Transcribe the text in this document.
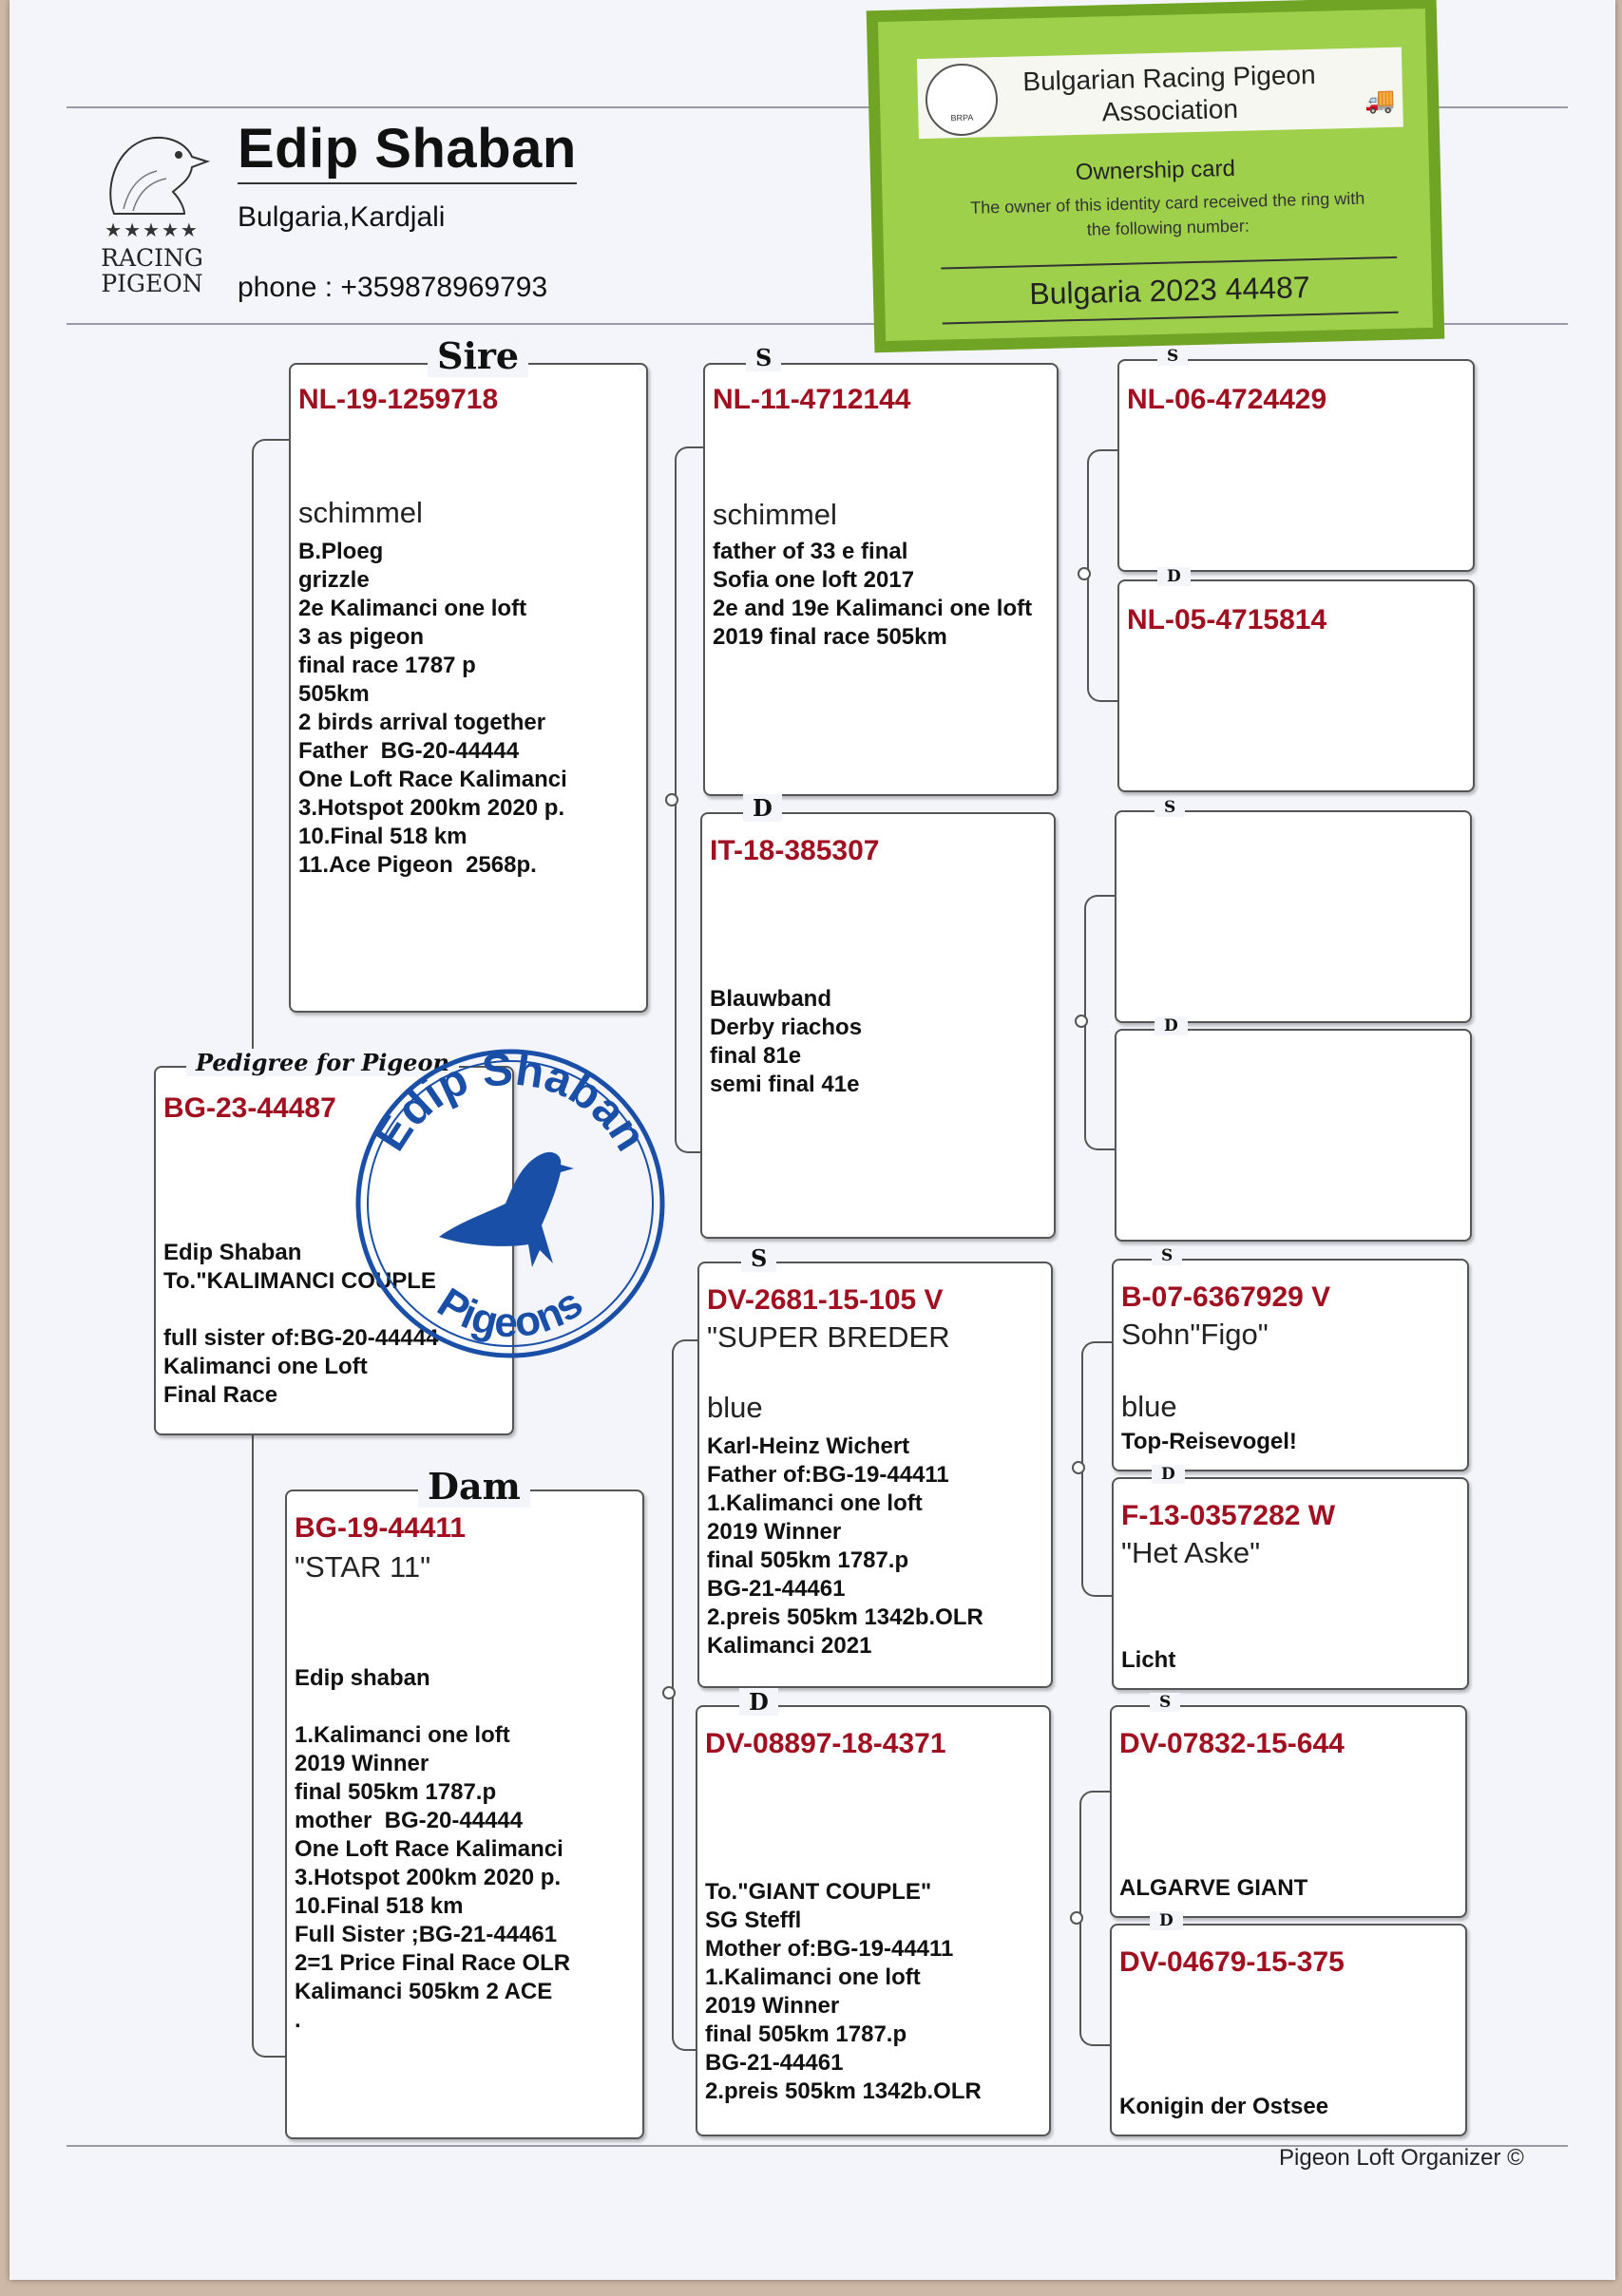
★★★★★
RACING
PIGEON
Edip Shaban
Bulgaria,Kardjali
phone : +359878969793
BG-23-44487
Edip Shaban
To."KALIMANCI COUPLE

full sister of:BG-20-44444
Kalimanci one Loft
Final Race
Pedigree for Pigeon
NL-19-1259718
schimmel
B.Ploeg
grizzle
2e Kalimanci one loft
3 as pigeon
final race 1787 p
505km
2 birds arrival together
Father  BG-20-44444
One Loft Race Kalimanci
3.Hotspot 200km 2020 p.
10.Final 518 km
11.Ace Pigeon  2568p.
Sire
BG-19-44411
"STAR 11"
Edip shaban

1.Kalimanci one loft
2019 Winner
final 505km 1787.p
mother  BG-20-44444
One Loft Race Kalimanci
3.Hotspot 200km 2020 p.
10.Final 518 km
Full Sister ;BG-21-44461
2=1 Price Final Race OLR
Kalimanci 505km 2 ACE
.
Dam
NL-11-4712144
schimmel
father of 33 e final
Sofia one loft 2017
2e and 19e Kalimanci one loft
2019 final race 505km
S
IT-18-385307
Blauwband
Derby riachos
final 81e
semi final 41e
D
DV-2681-15-105 V
"SUPER BREDER
blue
Karl-Heinz Wichert
Father of:BG-19-44411
1.Kalimanci one loft
2019 Winner
final 505km 1787.p
BG-21-44461
2.preis 505km 1342b.OLR
Kalimanci 2021
S
DV-08897-18-4371
To."GIANT COUPLE"
SG Steffl
Mother of:BG-19-44411
1.Kalimanci one loft
2019 Winner
final 505km 1787.p
BG-21-44461
2.preis 505km 1342b.OLR
D
NL-06-4724429
S
NL-05-4715814
D
S
D
B-07-6367929 V
Sohn"Figo"
blue
Top-Reisevogel!
S
F-13-0357282 W
"Het Aske"
Licht
D
DV-07832-15-644
ALGARVE GIANT
S
DV-04679-15-375
Konigin der Ostsee
D
Edip Shaban
Pigeons
Pigeon Loft Organizer ©
BRPA
Bulgarian Racing Pigeon
Association	🚚
Ownership card
The owner of this identity card received the ring with
the following number:
Bulgaria 2023 44487
